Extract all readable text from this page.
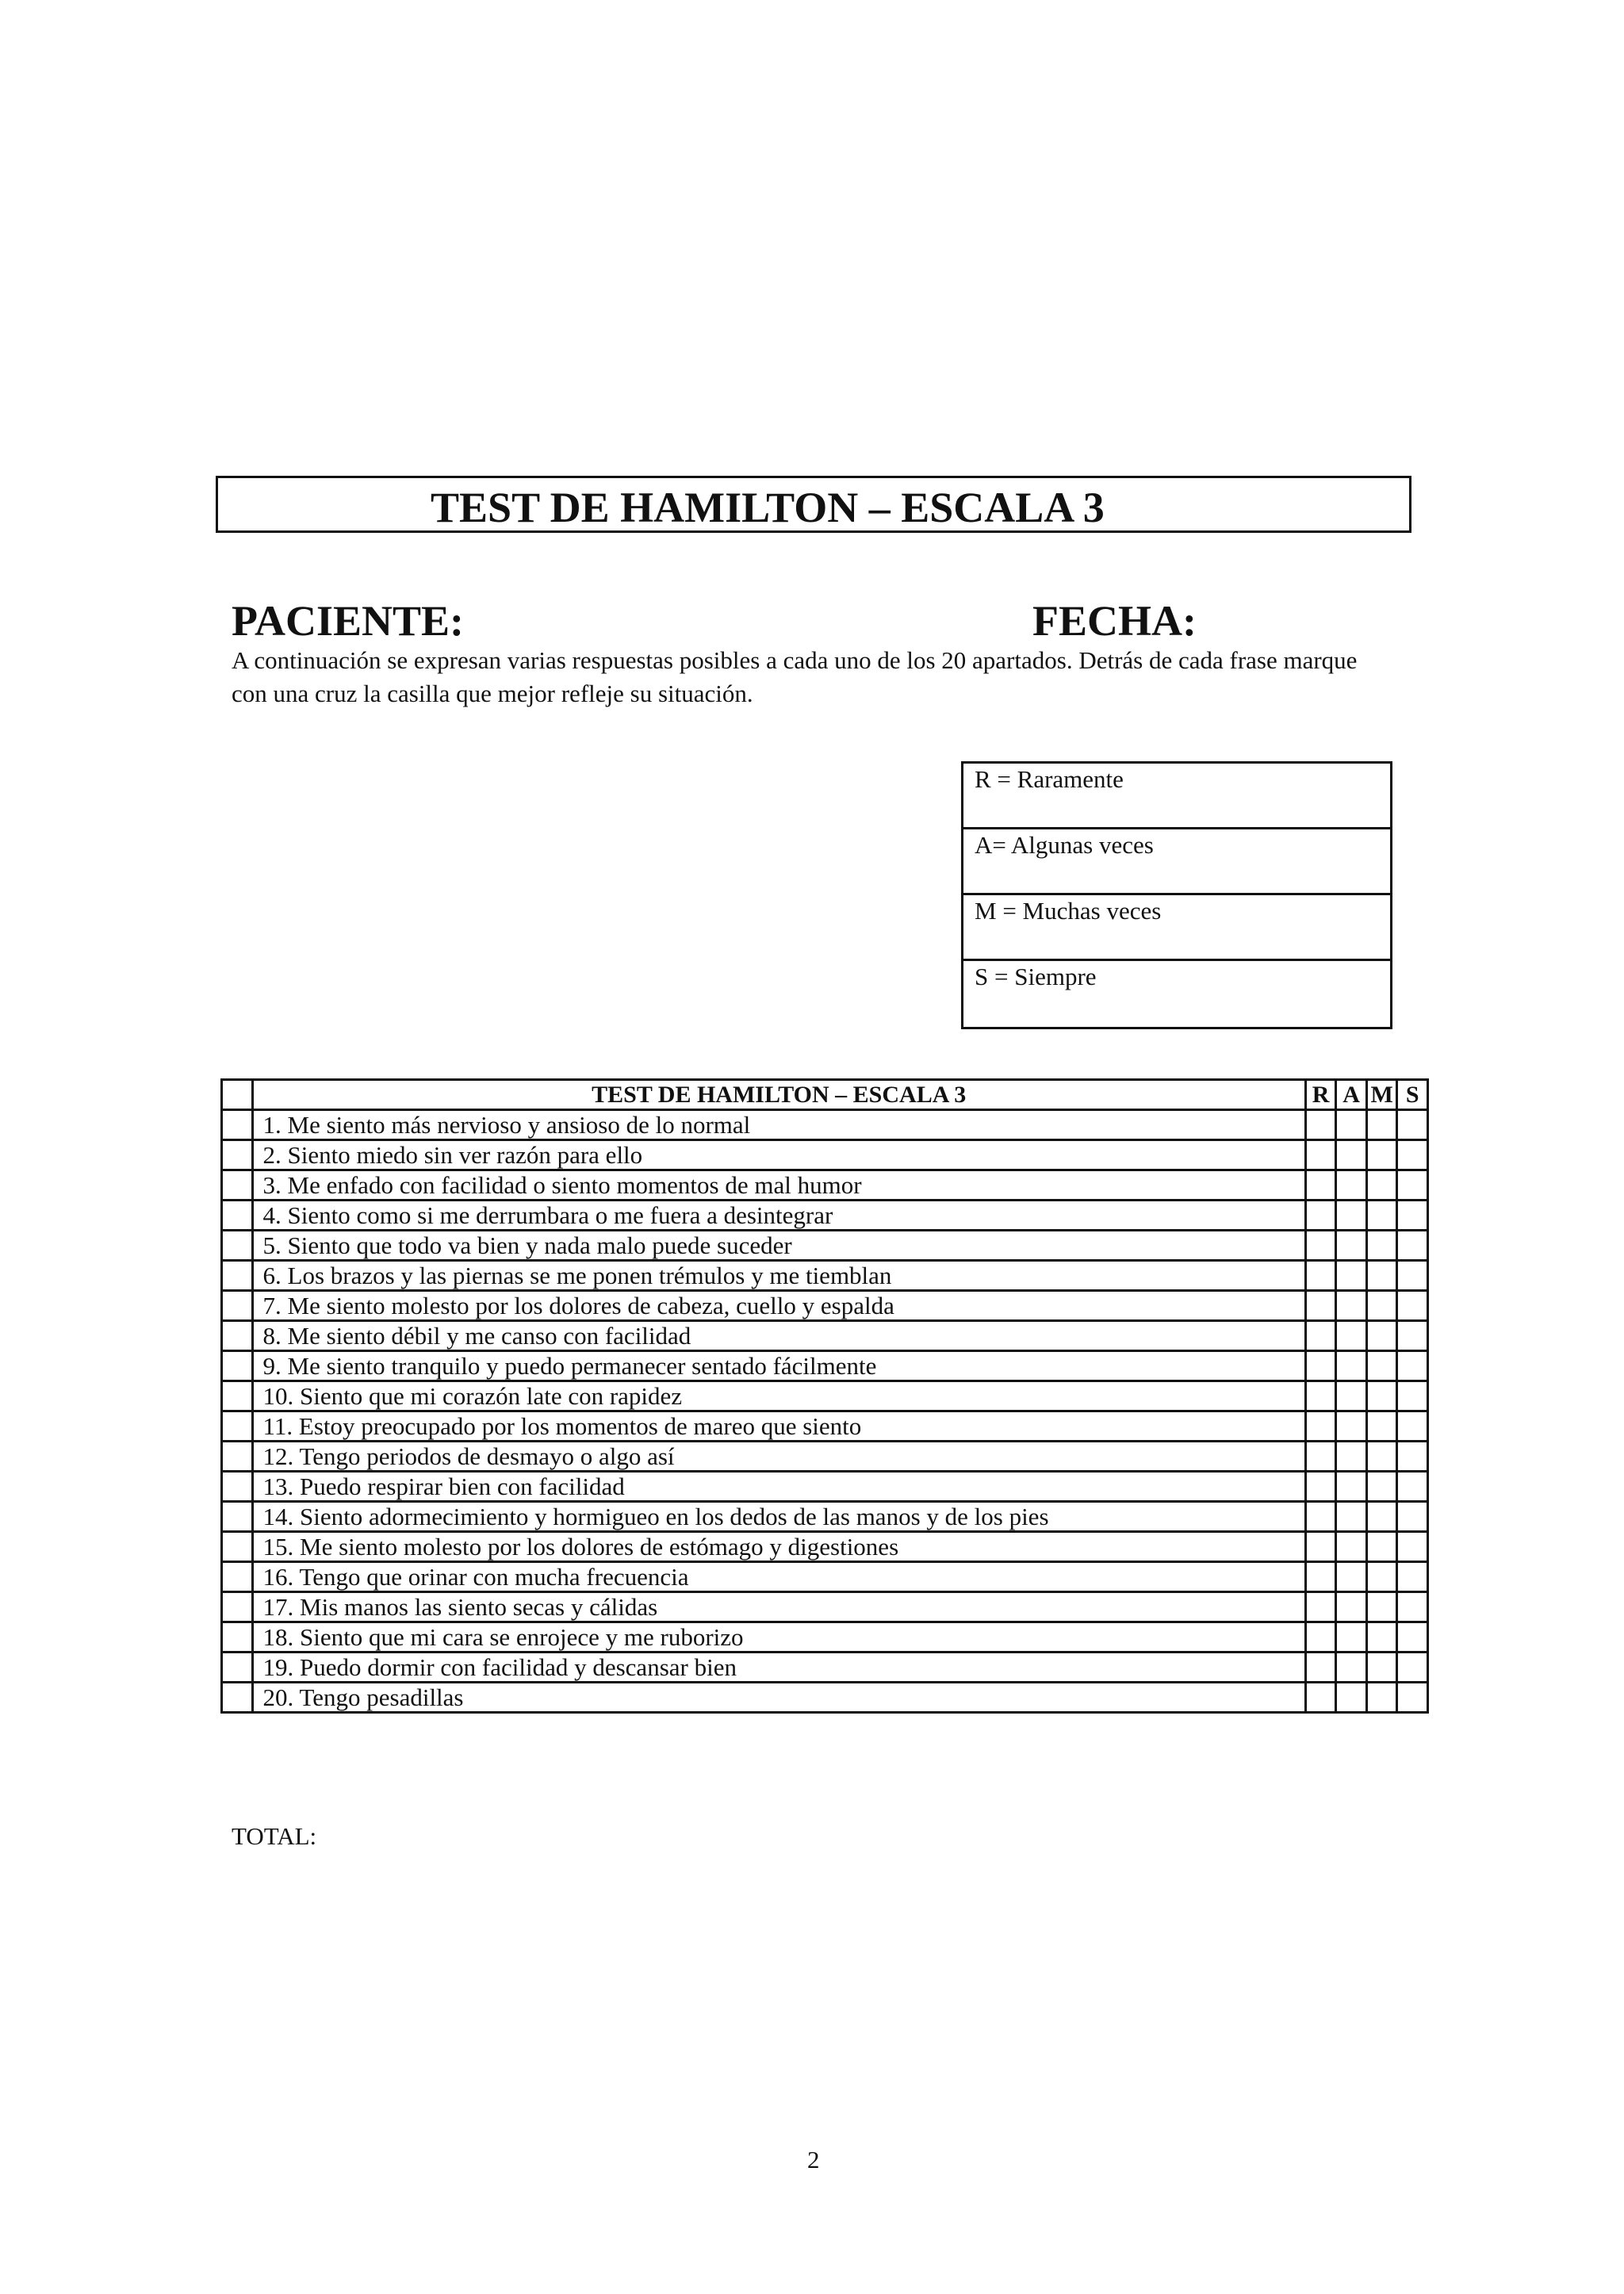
TEST DE HAMILTON – ESCALA 3
PACIENTE:	FECHA:
A continuación se expresan varias respuestas posibles a cada uno de los 20 apartados. Detrás de cada frase marque con una cruz la casilla que mejor refleje su situación.
R = Raramente
A= Algunas veces
M = Muchas veces
S = Siempre
	TEST DE HAMILTON – ESCALA 3	R	A	M	S
	1. Me siento más nervioso y ansioso de lo normal				
	2. Siento miedo sin ver razón para ello				
	3. Me enfado con facilidad o siento momentos de mal humor				
	4. Siento como si me derrumbara o me fuera a desintegrar				
	5. Siento que todo va bien y nada malo puede suceder				
	6. Los brazos y las piernas se me ponen trémulos y me tiemblan				
	7. Me siento molesto por los dolores de cabeza, cuello y espalda				
	8. Me siento débil y me canso con facilidad				
	9. Me siento tranquilo y puedo permanecer sentado fácilmente				
	10. Siento que mi corazón late con rapidez				
	11. Estoy preocupado por los momentos de mareo que siento				
	12. Tengo periodos de desmayo o algo así				
	13. Puedo respirar bien con facilidad				
	14. Siento adormecimiento y hormigueo en los dedos de las manos y de los pies				
	15. Me siento molesto por los dolores de estómago y digestiones				
	16. Tengo que orinar con mucha frecuencia				
	17. Mis manos las siento secas y cálidas				
	18. Siento que mi cara se enrojece y me ruborizo				
	19. Puedo dormir con facilidad y descansar bien				
	20. Tengo pesadillas				
TOTAL:
2
